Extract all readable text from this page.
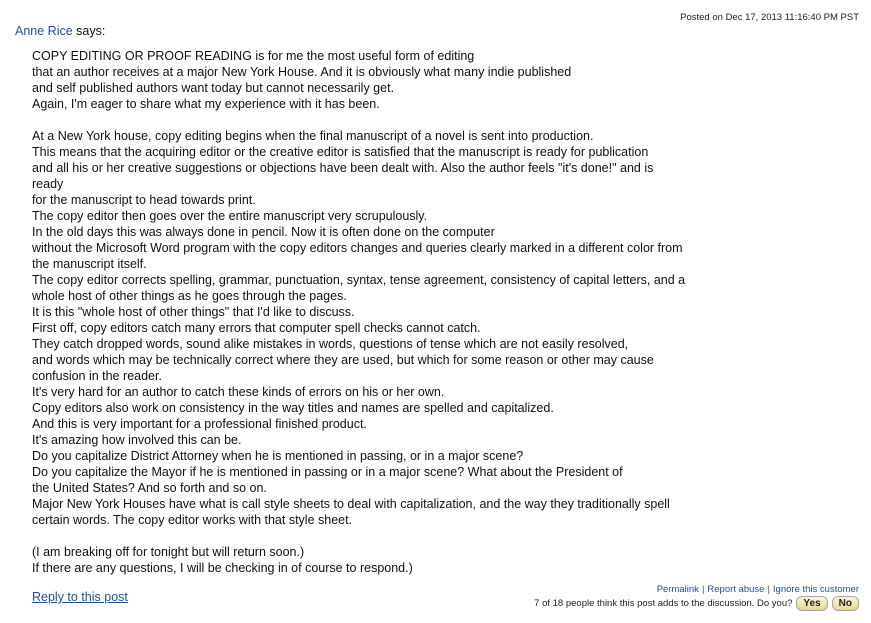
Anne Rice says:
Posted on Dec 17, 2013 11:16:40 PM PST
COPY EDITING OR PROOF READING is for me the most useful form of editing
that an author receives at a major New York House. And it is obviously what many indie published
and self published authors want today but cannot necessarily get.
Again, I'm eager to share what my experience with it has been.
At a New York house, copy editing begins when the final manuscript of a novel is sent into production.
This means that the acquiring editor or the creative editor is satisfied that the manuscript is ready for publication
and all his or her creative suggestions or objections have been dealt with. Also the author feels "it's done!" and is
ready
for the manuscript to head towards print.
The copy editor then goes over the entire manuscript very scrupulously.
In the old days this was always done in pencil. Now it is often done on the computer
without the Microsoft Word program with the copy editors changes and queries clearly marked in a different color from
the manuscript itself.
The copy editor corrects spelling, grammar, punctuation, syntax, tense agreement, consistency of capital letters, and a
whole host of other things as he goes through the pages.
It is this "whole host of other things" that I'd like to discuss.
First off, copy editors catch many errors that computer spell checks cannot catch.
They catch dropped words, sound alike mistakes in words, questions of tense which are not easily resolved,
and words which may be technically correct where they are used, but which for some reason or other may cause
confusion in the reader.
It's very hard for an author to catch these kinds of errors on his or her own.
Copy editors also work on consistency in the way titles and names are spelled and capitalized.
And this is very important for a professional finished product.
It's amazing how involved this can be.
Do you capitalize District Attorney when he is mentioned in passing, or in a major scene?
Do you capitalize the Mayor if he is mentioned in passing or in a major scene? What about the President of
the United States? And so forth and so on.
Major New York Houses have what is call style sheets to deal with capitalization, and the way they traditionally spell
certain words. The copy editor works with that style sheet.
(I am breaking off for tonight but will return soon.)
If there are any questions, I will be checking in of course to respond.)
Reply to this post
Permalink | Report abuse | Ignore this customer
7 of 18 people think this post adds to the discussion. Do you?	Yes	No
